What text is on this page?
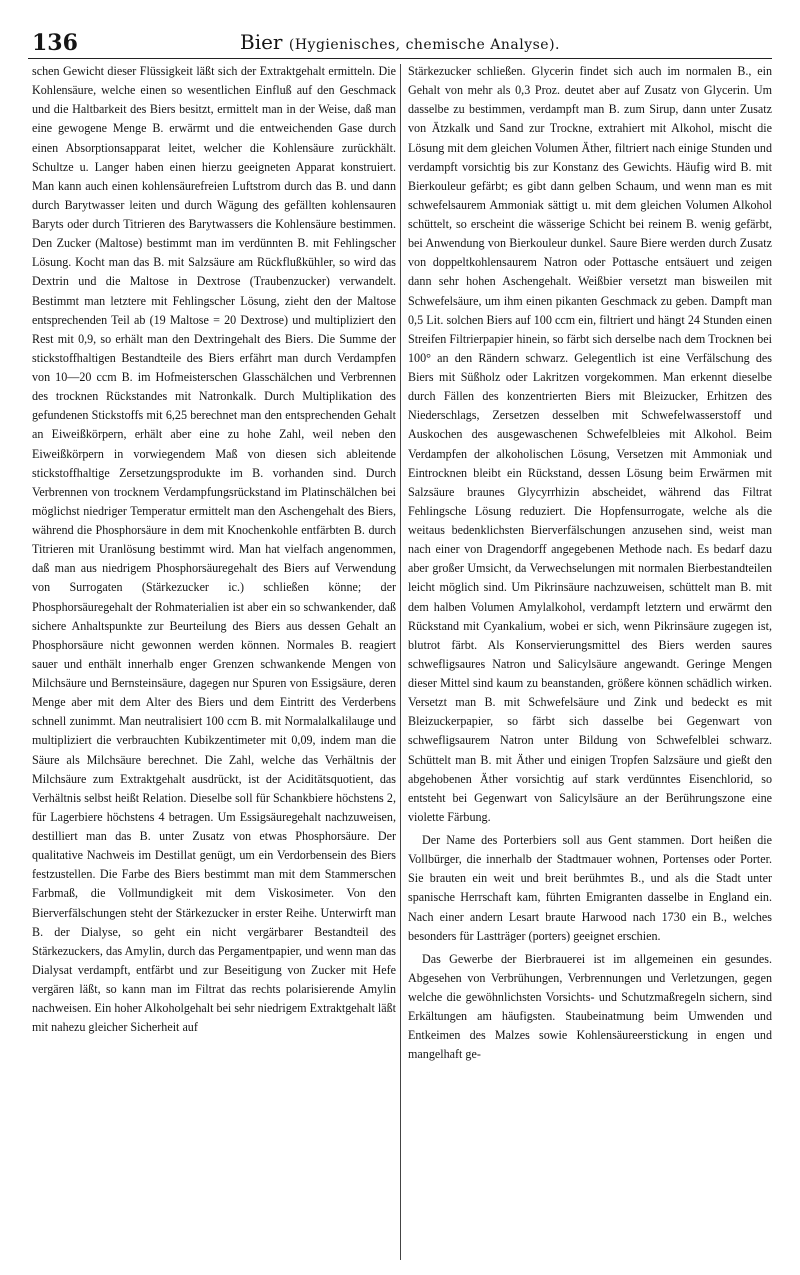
136	Bier (Hygienisches, chemische Analyse).

schen Gewicht dieser Flüssigkeit läßt sich der Extraktgehalt ermitteln. Die Kohlensäure, welche einen so wesentlichen Einfluß auf den Geschmack und die Haltbarkeit des Biers besitzt, ermittelt man in der Weise, daß man eine gewogene Menge B. erwärmt und die entweichenden Gase durch einen Absorptionsapparat leitet, welcher die Kohlensäure zurückhält. Schultze u. Langer haben einen hierzu geeigneten Apparat konstruiert. Man kann auch einen kohlensäurefreien Luftstrom durch das B. und dann durch Barytwasser leiten und durch Wägung des gefällten kohlensauren Baryts oder durch Titrieren des Barytwassers die Kohlensäure bestimmen. Den Zucker (Maltose) bestimmt man im verdünnten B. mit Fehlingscher Lösung. Kocht man das B. mit Salzsäure am Rückflußkühler, so wird das Dextrin und die Maltose in Dextrose (Traubenzucker) verwandelt. Bestimmt man letztere mit Fehlingscher Lösung, zieht den der Maltose entsprechenden Teil ab (19 Maltose = 20 Dextrose) und multipliziert den Rest mit 0,9, so erhält man den Dextringehalt des Biers. Die Summe der stickstoffhaltigen Bestandteile des Biers erfährt man durch Verdampfen von 10—20 ccm B. im Hofmeisterschen Glasschälchen und Verbrennen des trocknen Rückstandes mit Natronkalk. Durch Multiplikation des gefundenen Stickstoffs mit 6,25 berechnet man den entsprechenden Gehalt an Eiweißkörpern, erhält aber eine zu hohe Zahl, weil neben den Eiweißkörpern in vorwiegendem Maß von diesen sich ableitende stickstoffhaltige Zersetzungsprodukte im B. vorhanden sind. Durch Verbrennen von trocknem Verdampfungsrückstand im Platinschälchen bei möglichst niedriger Temperatur ermittelt man den Aschengehalt des Biers, während die Phosphorsäure in dem mit Knochenkohle entfärbten B. durch Titrieren mit Uranlösung bestimmt wird. Man hat vielfach angenommen, daß man aus niedrigem Phosphorsäuregehalt des Biers auf Verwendung von Surrogaten (Stärkezucker ic.) schließen könne; der Phosphorsäuregehalt der Rohmaterialien ist aber ein so schwankender, daß sichere Anhaltspunkte zur Beurteilung des Biers aus dessen Gehalt an Phosphorsäure nicht gewonnen werden können. Normales B. reagiert sauer und enthält innerhalb enger Grenzen schwankende Mengen von Milchsäure und Bernsteinsäure, dagegen nur Spuren von Essigsäure, deren Menge aber mit dem Alter des Biers und dem Eintritt des Verderbens schnell zunimmt. Man neutralisiert 100 ccm B. mit Normalalkalilauge und multipliziert die verbrauchten Kubikzentimeter mit 0,09, indem man die Säure als Milchsäure berechnet. Die Zahl, welche das Verhältnis der Milchsäure zum Extraktgehalt ausdrückt, ist der Aciditätsquotient, das Verhältnis selbst heißt Relation. Dieselbe soll für Schankbiere höchstens 2, für Lagerbiere höchstens 4 betragen. Um Essigsäuregehalt nachzuweisen, destilliert man das B. unter Zusatz von etwas Phosphorsäure. Der qualitative Nachweis im Destillat genügt, um ein Verdorbensein des Biers festzustellen. Die Farbe des Biers bestimmt man mit dem Stammerschen Farbmaß, die Vollmundigkeit mit dem Viskosimeter. Von den Bierverfälschungen steht der Stärkezucker in erster Reihe. Unterwirft man B. der Dialyse, so geht ein nicht vergärbarer Bestandteil des Stärkezuckers, das Amylin, durch das Pergamentpapier, und wenn man das Dialysat verdampft, entfärbt und zur Beseitigung von Zucker mit Hefe vergären läßt, so kann man im Filtrat das rechts polarisierende Amylin nachweisen. Ein hoher Alkoholgehalt bei sehr niedrigem Extraktgehalt läßt mit nahezu gleicher Sicherheit auf

Stärkezucker schließen. Glycerin findet sich auch im normalen B., ein Gehalt von mehr als 0,3 Proz. deutet aber auf Zusatz von Glycerin. Um dasselbe zu bestimmen, verdampft man B. zum Sirup, dann unter Zusatz von Ätzkalk und Sand zur Trockne, extrahiert mit Alkohol, mischt die Lösung mit dem gleichen Volumen Äther, filtriert nach einige Stunden und verdampft vorsichtig bis zur Konstanz des Gewichts. Häufig wird B. mit Bierkouleur gefärbt; es gibt dann gelben Schaum, und wenn man es mit schwefelsaurem Ammoniak sättigt u. mit dem gleichen Volumen Alkohol schüttelt, so erscheint die wässerige Schicht bei reinem B. wenig gefärbt, bei Anwendung von Bierkouleur dunkel. Saure Biere werden durch Zusatz von doppeltkohlensaurem Natron oder Pottasche entsäuert und zeigen dann sehr hohen Aschengehalt. Weißbier versetzt man bisweilen mit Schwefelsäure, um ihm einen pikanten Geschmack zu geben. Dampft man 0,5 Lit. solchen Biers auf 100 ccm ein, filtriert und hängt 24 Stunden einen Streifen Filtrierpapier hinein, so färbt sich derselbe nach dem Trocknen bei 100° an den Rändern schwarz. Gelegentlich ist eine Verfälschung des Biers mit Süßholz oder Lakritzen vorgekommen. Man erkennt dieselbe durch Fällen des konzentrierten Biers mit Bleizucker, Erhitzen des Niederschlags, Zersetzen desselben mit Schwefelwasserstoff und Auskochen des ausgewaschenen Schwefelbleies mit Alkohol. Beim Verdampfen der alkoholischen Lösung, Versetzen mit Ammoniak und Eintrocknen bleibt ein Rückstand, dessen Lösung beim Erwärmen mit Salzsäure braunes Glycyrrhizin abscheidet, während das Filtrat Fehlingsche Lösung reduziert. Die Hopfensurrogate, welche als die weitaus bedenklichsten Bierverfälschungen anzusehen sind, weist man nach einer von Dragendorff angegebenen Methode nach. Es bedarf dazu aber großer Umsicht, da Verwechselungen mit normalen Bierbestandteilen leicht möglich sind. Um Pikrinsäure nachzuweisen, schüttelt man B. mit dem halben Volumen Amylalkohol, verdampft letztern und erwärmt den Rückstand mit Cyankalium, wobei er sich, wenn Pikrinsäure zugegen ist, blutrot färbt. Als Konservierungsmittel des Biers werden saures schwefligsaures Natron und Salicylsäure angewandt. Geringe Mengen dieser Mittel sind kaum zu beanstanden, größere können schädlich wirken. Versetzt man B. mit Schwefelsäure und Zink und bedeckt es mit Bleizuckerpapier, so färbt sich dasselbe bei Gegenwart von schwefligsaurem Natron unter Bildung von Schwefelblei schwarz. Schüttelt man B. mit Äther und einigen Tropfen Salzsäure und gießt den abgehobenen Äther vorsichtig auf stark verdünntes Eisenchlorid, so entsteht bei Gegenwart von Salicylsäure an der Berührungszone eine violette Färbung.

Der Name des Porterbiers soll aus Gent stammen. Dort heißen die Vollbürger, die innerhalb der Stadtmauer wohnen, Portenses oder Porter. Sie brauten ein weit und breit berühmtes B., und als die Stadt unter spanische Herrschaft kam, führten Emigranten dasselbe in England ein. Nach einer andern Lesart braute Harwood nach 1730 ein B., welches besonders für Lastträger (porters) geeignet erschien.

Das Gewerbe der Bierbrauerei ist im allgemeinen ein gesundes. Abgesehen von Verbrühungen, Verbrennungen und Verletzungen, gegen welche die gewöhnlichsten Vorsichts- und Schutzmaßregeln sichern, sind Erkältungen am häufigsten. Staubeinatmung beim Umwenden und Entkeimen des Malzes sowie Kohlensäureerstickung in engen und mangelhaft ge-
